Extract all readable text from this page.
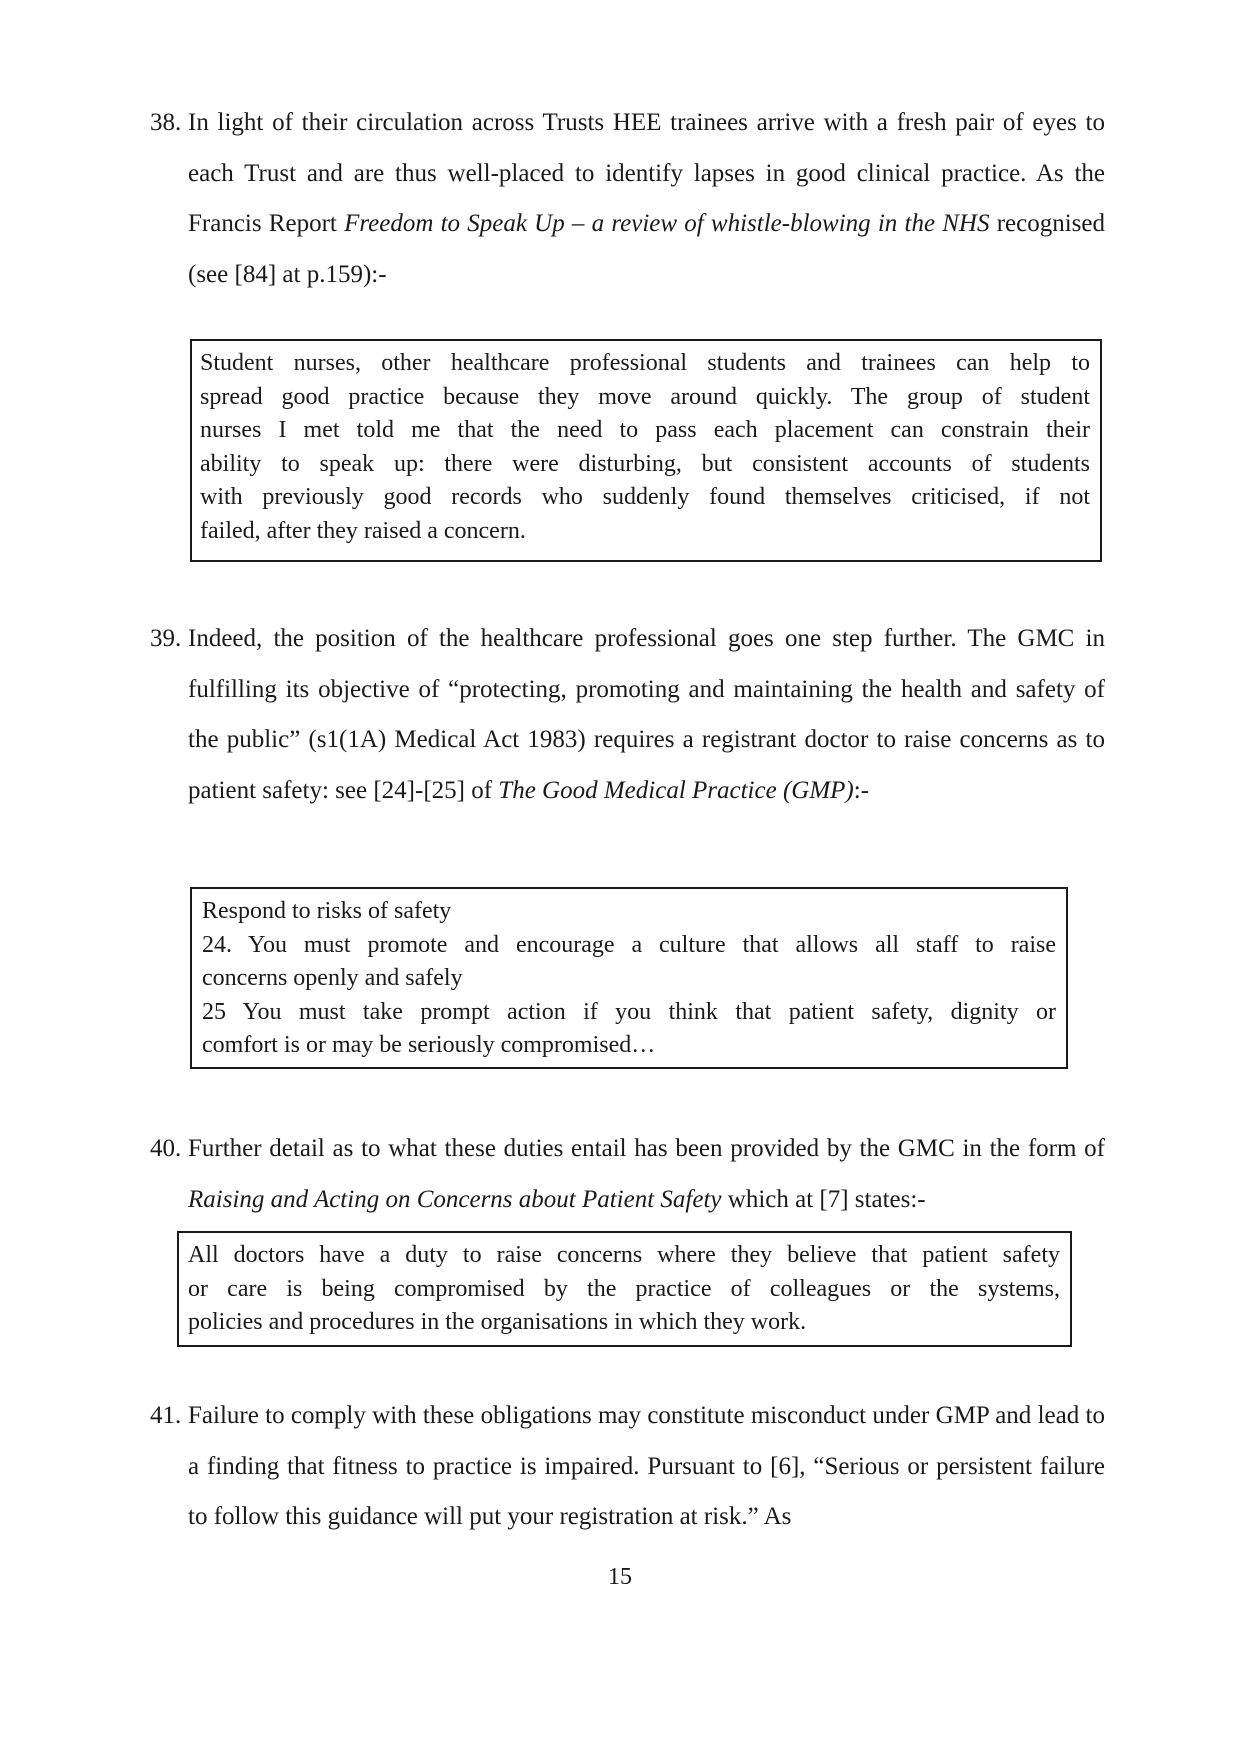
38. In light of their circulation across Trusts HEE trainees arrive with a fresh pair of eyes to each Trust and are thus well-placed to identify lapses in good clinical practice. As the Francis Report Freedom to Speak Up – a review of whistle-blowing in the NHS recognised (see [84] at p.159):-

Student nurses, other healthcare professional students and trainees can help to

spread good practice because they move around quickly. The group of student

nurses I met told me that the need to pass each placement can constrain their

ability to speak up: there were disturbing, but consistent accounts of students

with previously good records who suddenly found themselves criticised, if not

failed, after they raised a concern.

39. Indeed, the position of the healthcare professional goes one step further. The GMC in fulfilling its objective of “protecting, promoting and maintaining the health and safety of the public” (s1(1A) Medical Act 1983) requires a registrant doctor to raise concerns as to patient safety: see [24]-[25] of The Good Medical Practice (GMP):-

Respond to risks of safety

24. You must promote and encourage a culture that allows all staff to raise

concerns openly and safely

25 You must take prompt action if you think that patient safety, dignity or

comfort is or may be seriously compromised…

40. Further detail as to what these duties entail has been provided by the GMC in the form of Raising and Acting on Concerns about Patient Safety which at [7] states:-

All doctors have a duty to raise concerns where they believe that patient safety

or care is being compromised by the practice of colleagues or the systems,

policies and procedures in the organisations in which they work.

41. Failure to comply with these obligations may constitute misconduct under GMP and lead to a finding that fitness to practice is impaired. Pursuant to [6], “Serious or persistent failure to follow this guidance will put your registration at risk.” As
15
